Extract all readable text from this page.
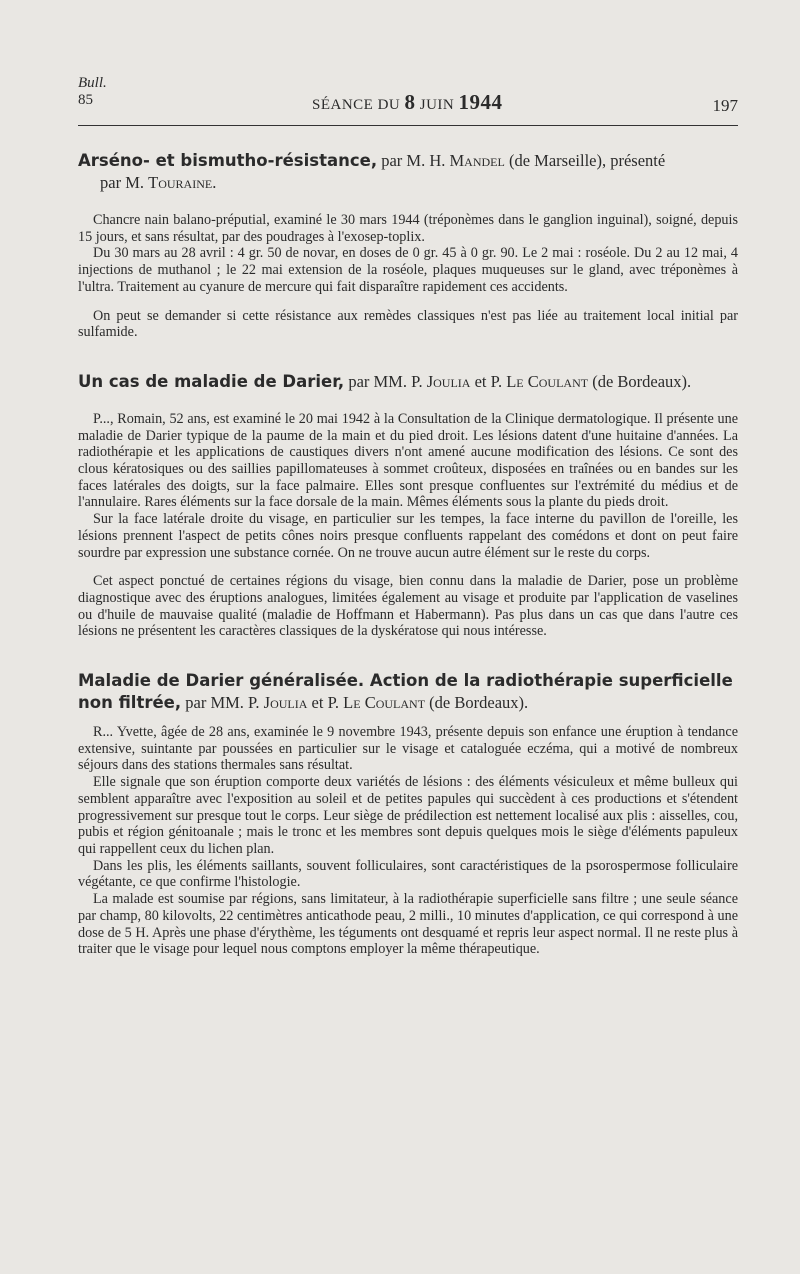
Bull.
85	SÉANCE DU 8 JUIN 1944	197
Arséno- et bismutho-résistance, par M. H. Mandel (de Marseille), présenté
par M. Touraine.

Chancre nain balano-préputial, examiné le 30 mars 1944 (tréponèmes dans le ganglion inguinal), soigné, depuis 15 jours, et sans résultat, par des poudrages à l'exosep-toplix.

Du 30 mars au 28 avril : 4 gr. 50 de novar, en doses de 0 gr. 45 à 0 gr. 90. Le 2 mai : roséole. Du 2 au 12 mai, 4 injections de muthanol ; le 22 mai extension de la roséole, plaques muqueuses sur le gland, avec tréponèmes à l'ultra. Traitement au cyanure de mercure qui fait disparaître rapidement ces accidents.

On peut se demander si cette résistance aux remèdes classiques n'est pas liée au traitement local initial par sulfamide.

Un cas de maladie de Darier, par MM. P. Joulia et P. Le Coulant (de Bordeaux).

P..., Romain, 52 ans, est examiné le 20 mai 1942 à la Consultation de la Clinique dermatologique. Il présente une maladie de Darier typique de la paume de la main et du pied droit. Les lésions datent d'une huitaine d'années. La radiothérapie et les applications de caustiques divers n'ont amené aucune modification des lésions. Ce sont des clous kératosiques ou des saillies papillomateuses à sommet croûteux, disposées en traînées ou en bandes sur les faces latérales des doigts, sur la face palmaire. Elles sont presque confluentes sur l'extrémité du médius et de l'annulaire. Rares éléments sur la face dorsale de la main. Mêmes éléments sous la plante du pieds droit.

Sur la face latérale droite du visage, en particulier sur les tempes, la face interne du pavillon de l'oreille, les lésions prennent l'aspect de petits cônes noirs presque confluents rappelant des comédons et dont on peut faire sourdre par expression une substance cornée. On ne trouve aucun autre élément sur le reste du corps.

Cet aspect ponctué de certaines régions du visage, bien connu dans la maladie de Darier, pose un problème diagnostique avec des éruptions analogues, limitées également au visage et produite par l'application de vaselines ou d'huile de mauvaise qualité (maladie de Hoffmann et Habermann). Pas plus dans un cas que dans l'autre ces lésions ne présentent les caractères classiques de la dyskératose qui nous intéresse.

Maladie de Darier généralisée. Action de la radiothérapie superficielle non filtrée, par MM. P. Joulia et P. Le Coulant (de Bordeaux).

R... Yvette, âgée de 28 ans, examinée le 9 novembre 1943, présente depuis son enfance une éruption à tendance extensive, suintante par poussées en particulier sur le visage et cataloguée eczéma, qui a motivé de nombreux séjours dans des stations thermales sans résultat.

Elle signale que son éruption comporte deux variétés de lésions : des éléments vésiculeux et même bulleux qui semblent apparaître avec l'exposition au soleil et de petites papules qui succèdent à ces productions et s'étendent progressivement sur presque tout le corps. Leur siège de prédilection est nettement localisé aux plis : aisselles, cou, pubis et région génitoanale ; mais le tronc et les membres sont depuis quelques mois le siège d'éléments papuleux qui rappellent ceux du lichen plan.

Dans les plis, les éléments saillants, souvent folliculaires, sont caractéristiques de la psorospermose folliculaire végétante, ce que confirme l'histologie.

La malade est soumise par régions, sans limitateur, à la radiothérapie superficielle sans filtre ; une seule séance par champ, 80 kilovolts, 22 centimètres anticathode peau, 2 milli., 10 minutes d'application, ce qui correspond à une dose de 5 H. Après une phase d'érythème, les téguments ont desquamé et repris leur aspect normal. Il ne reste plus à traiter que le visage pour lequel nous comptons employer la même thérapeutique.
